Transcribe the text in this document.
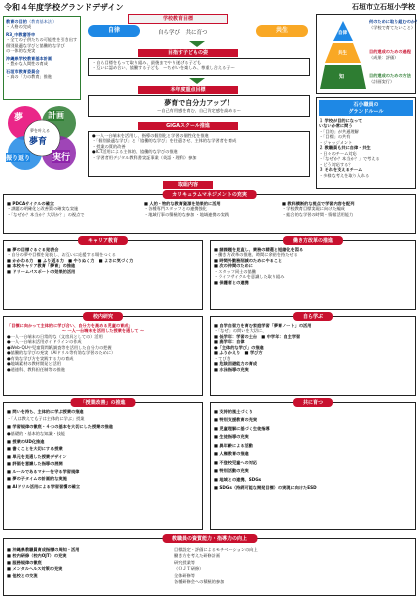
令和４年度学校グランドデザイン	石垣市立石垣小学校
教育の目的（教育基本法）
・人格の完成
R3_中教審答申
・全ての子供たちの可能性を引き出す
個別最適な学びと協働的な学び
の一体的な充実
沖縄県学校教育基本計画
・豊かな人間性の育成
石垣市教育委員会
・真の「力の教育」推進
夢	計画
夢を叶える
夢育
振り返り 実行
学校教育目標
自律	自ら学び　共に育つ	共生
目指す子どもの姿
・自ら目標をもって取り組み、最後までやり遂げる子ども
・互いに認め合い、協働する子ども　～ちがいを楽しみ、尊重し合える子～
本年度重点目標
夢育で自分力アップ！
～自己有用感を育む、自己肯定感を高める～
GIGAスクール推進
●一人一台端末を活用し、指導の個別化と学習の個性化を推進
・「個別最適な学び」と「協働的な学び」を往還させ、主体的な学習者を育成
・授業の質的改善
●ICT活用による主体的、協働的な学びの推進
・学習者用デジタル教科書実証事業（英語・理科）参加
取組内容
自律
共生
知
何のために取り組むのか？
（学校で育てたいこと）
目的達成のための過程
（成果：評価）
目的達成のための方法
（計画実行）
石小職員の
グランドルール
１ 学校が目的になって
いないか常に問う
・「目的」が共通理解
・「目標」の共有
・ジャッジメント
２ 教職員も共に自律・共生
・日々のチーム対応
・「なぜか？本当か？」で考える
・どう対応する？
３ それを支えるチーム
・多様な考えを取り入れる
カリキュラムマネジメントの充実
■ PDCAサイクルの確立
・課題の明確化と改善策の確実な実施
・「なぜか？本当か？大切か？」の視点で
■ 人的・物的な教育資源を効果的に活用
・各種専門スタッフとの連携強化
・地域行事の積極的な参加 ・地域連携の実践
■ 教科横断的な視点で学習内容を配列
・学校教育目標実現に向けた編成
・総合的な学習の時間・情報活用能力
キャリア教育
■ 夢の目標ぐるぐる発表会
・自分の夢や目標を発表し、お互いに応援する場をつくる
■ かかわる力　■ ふり返る力　■ やりぬく力　■ よさに気づく力
■ 本校キャリア教育「夢育」の推進
■ ドリームパスポートの効果的活用
働き方改革の推進
■ 諸課題を見直し、業務の精選と短縮化を図る
・働き方改革の推進、時間に余裕を持たせる
■ 時間外勤務削減のためにやること
■ 次の仲間のために
・スタッフ同士の協働
・ライフサイクルを意識した取り組み
■ 保護者との連携
校内研究
「目標に向かって主体的に学び合い、自分力を高める児童の育成」
～ 一人一台端末を活用した授業を通して ～
●一人一台端末の日常的な（文房具としての）活用
●一人一台端末活用ガイドラインの作成
●Web-QUや児童質問紙調査等を活用した自分力の把握
●協働的な学びの充実（AIドリル等有効な学習のために）
●有効な学び方を実践する力の育成
●地域素材の教材開発と活用
●道徳科、教科担任制等の推進
自ら学ぶ
■ 自学自習力を育む家庭学習「夢育ノート」の活用
・「なぜ」の問いを大切に、
■ 低学年：学習の土台　■ 中学年：自主学習
■ 高学年：自律
●「主体的な学び」の推進
■ ふりかえり　■ 学び方
・てびき
■ 危険回避能力の育成
■ 水泳指導の充実
「授業改善」の推進
■ 問いを持ち、主体的に学ぶ授業の推進
・「人は教えても子は主体的に学ぶ」授業
■ 学習規律の徹底・４つの基本を大切にした授業の推進
●基礎的・基本的な知識・技能
■ 授業のUD化推進
■ 書くことを大切にする授業
■ 単元を見通した授業デザイン
■ 評価を意識した指導の展開
■ ルールであるマナーを守る学習規律
■ 夢の子タイムの計画的な実施
■ AIドリル活用による学習習慣の確立
共に育つ
■ 支持的風土づくり
■ 特別支援教育の充実
■ 児童理解に基づく生徒指導
■ 生徒指導の充実
■ 異年齢による活動
■ 人権教育の推進
■ 不登校児童への対応
■ 特別活動の充実
■ 地域との連携、SDGs
■ SDGs（持続可能な開発目標）の実現に向けたESD
教職員の資質能力・指導力の向上
■ 沖縄県教職員育成指標の周知・活用
■ 校内研修（校内OJT）の充実
■ 服務規律の徹底
■ メンタルヘルス対策の充実
■ 他校との交流
目標設定・評価によるモチベーションの向上
働き方を考えた研修計画
研究授業等
（ＯＪＴ研修）
全体研修等
各種研修会への積極的参加
